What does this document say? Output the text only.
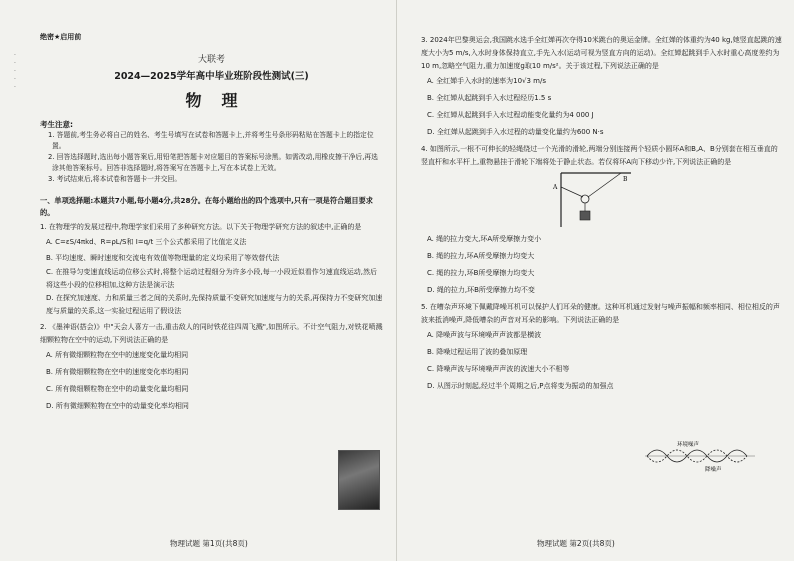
绝密★启用前
·
·
·
·
·
大联考
2024—2025学年高中毕业班阶段性测试(三)
物理
考生注意:
1. 答题前,考生务必将自己的姓名、考生号填写在试卷和答题卡上,并将考生号条形码粘贴在答题卡上的指定位置。
2. 回答选择题时,选出每小题答案后,用铅笔把答题卡对应题目的答案标号涂黑。如需改动,用橡皮擦干净后,再选涂其他答案标号。回答非选择题时,将答案写在答题卡上,写在本试卷上无效。
3. 考试结束后,将本试卷和答题卡一并交回。
一、单项选择题:本题共7小题,每小题4分,共28分。在每小题给出的四个选项中,只有一项是符合题目要求的。
1. 在物理学的发展过程中,物理学家们采用了多种研究方法。以下关于物理学研究方法的叙述中,正确的是
A. C=εS/4πkd、R=ρL/S和 I=q/t 三个公式都采用了比值定义法
B. 平均速度、瞬时速度和交流电有效值等物理量的定义均采用了等效替代法
C. 在推导匀变速直线运动位移公式时,将整个运动过程细分为许多小段,每一小段近似看作匀速直线运动,然后将这些小段的位移相加,这种方法是演示法
D. 在探究加速度、力和质量三者之间的关系时,先保持质量不变研究加速度与力的关系,再保持力不变研究加速度与质量的关系,这一实验过程运用了假设法
2. 《墨神语(搭会)》中"天会人喜方一击,重击敌人的同时铁花往四周飞溅",如图所示。不计空气阻力,对铁花喷溅细颗粒物在空中的运动,下列说法正确的是
A. 所有微细颗粒物在空中的速度变化量均相同
B. 所有微细颗粒物在空中的速度变化率均相同
C. 所有微细颗粒物在空中的动量变化量均相同
D. 所有微细颗粒物在空中的动量变化率均相同
物理试题 第1页(共8页)
3. 2024年巴黎奥运会,我国跳水选手全红婵再次夺得10米跳台的奥运金牌。全红婵的体重约为40 kg,她竖直起跳的速度大小为5 m/s,入水时身体保持直立,手先入水(运动可视为竖直方向的运动)。全红婵起跳到手入水时重心高度差约为10 m,忽略空气阻力,重力加速度g取10 m/s²。关于该过程,下列说法正确的是
A. 全红婵手入水时的速率为10√3 m/s
B. 全红婵从起跳到手入水过程经历1.5 s
C. 全红婵从起跳到手入水过程动能变化量约为4 000 J
D. 全红婵从起跳到手入水过程的动量变化量约为600 N·s
4. 如图所示,一根不可伸长的轻绳绕过一个光滑的滑轮,两端分别连接两个轻质小圆环A和B,A、B分别套在相互垂直的竖直杆和水平杆上,重物悬挂于滑轮下端将处于静止状态。若仅将环A向下移动少许,下列说法正确的是
A
B
A. 绳的拉力变大,环A所受摩擦力变小
B. 绳的拉力,环A所受摩擦力均变大
C. 绳的拉力,环B所受摩擦力均变大
D. 绳的拉力,环B所受摩擦力均不变
5. 在嘈杂声环境下佩戴降噪耳机可以保护人们耳朵的健康。这种耳机通过发射与噪声振幅和频率相同、相位相反的声波来抵消噪声,降低嘈杂的声音对耳朵的影响。下列说法正确的是
A. 降噪声波与环境噪声声波都是横波
B. 降噪过程运用了波的叠加原理
C. 降噪声波与环境噪声声波的波速大小不相等
D. 从图示时刻起,经过半个周期之后,P点将变为振动的加强点
环境噪声
降噪声
物理试题 第2页(共8页)
